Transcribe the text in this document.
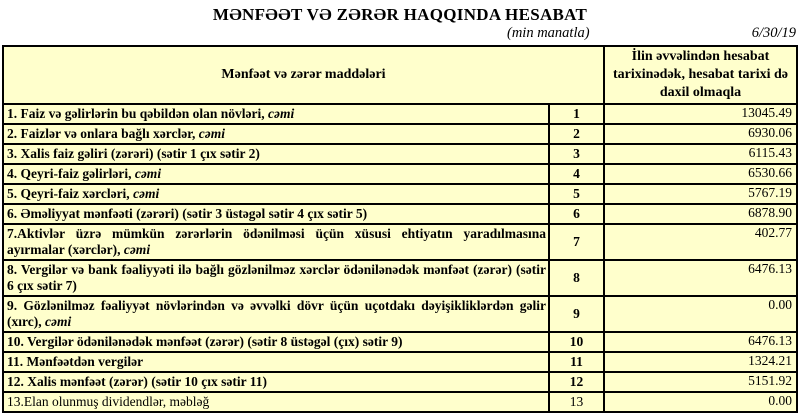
MƏNFƏƏT VƏ ZƏRƏR HAQQINDA HESABAT
(min manatla)	6/30/19
Mənfəət və zərər maddələri		İlin əvvəlindən hesabat tarixinədək, hesabat tarixi də daxil olmaqla
1. Faiz və gəlirlərin bu qəbildən olan növləri, cəmi	1	13045.49
2. Faizlər və onlara bağlı xərclər, cəmi	2	6930.06
3. Xalis faiz gəliri (zərəri) (sətir 1 çıx sətir 2)	3	6115.43
4. Qeyri-faiz gəlirləri, cəmi	4	6530.66
5. Qeyri-faiz xərcləri, cəmi	5	5767.19
6. Əməliyyat mənfəəti (zərəri) (sətir 3 üstəgəl sətir 4 çıx sətir 5)	6	6878.90
7.Aktivlər üzrə mümkün zərərlərin ödənilməsi üçün xüsusi ehtiyatın yaradılmasına ayırmalar (xərclər), cəmi	7	402.77
8. Vergilər və bank fəaliyyəti ilə bağlı gözlənilməz xərclər ödənilənədək mənfəət (zərər) (sətir 6 çıx sətir 7)	8	6476.13
9. Gözlənilməz fəaliyyət növlərindən və əvvəlki dövr üçün uçotdakı dəyişikliklərdən gəlir (xırc), cəmi	9	0.00
10. Vergilər ödənilənədək mənfəət (zərər) (sətir 8 üstəgəl (çıx) sətir 9)	10	6476.13
11. Mənfəətdən vergilər	11	1324.21
12. Xalis mənfəət (zərər) (sətir 10 çıx sətir 11)	12	5151.92
13.Elan olunmuş dividendlər, məbləğ	13	0.00
